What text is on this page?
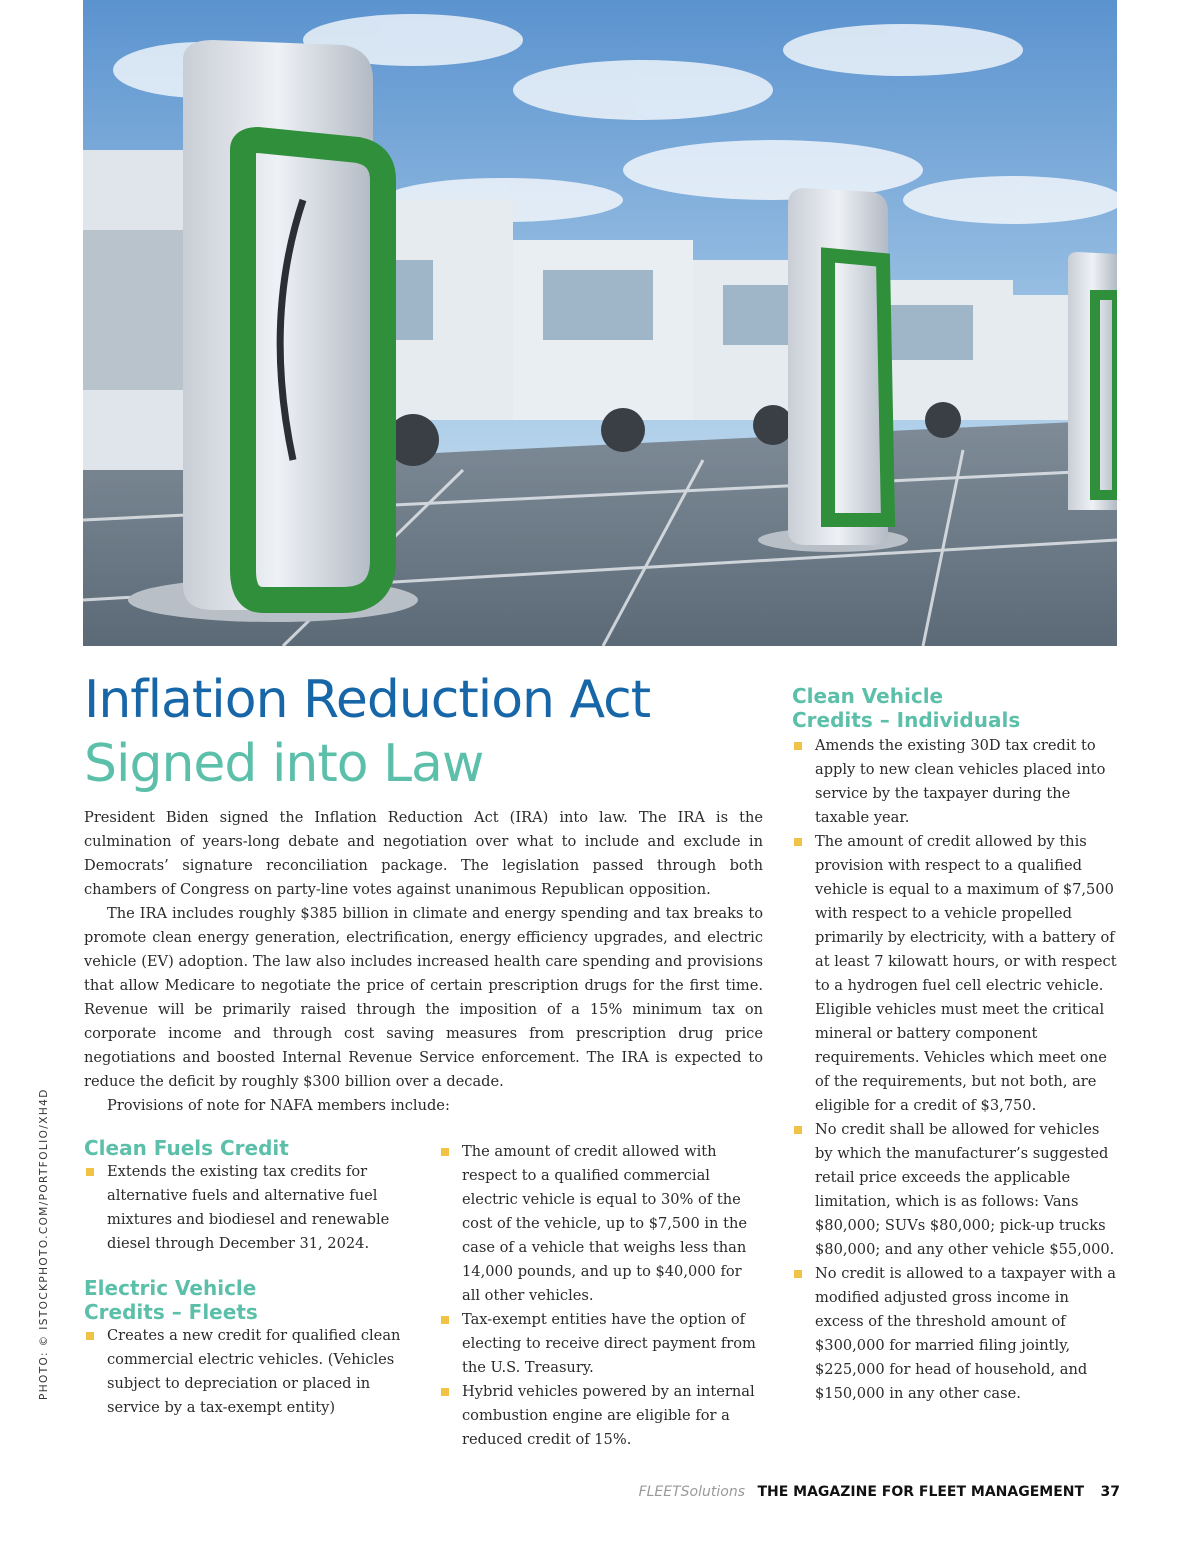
PHOTO: © ISTOCKPHOTO.COM/PORTFOLIO/XH4D
Inflation Reduction Act
Signed into Law

President Biden signed the Inflation Reduction Act (IRA) into law. The IRA is the culmination of years-long debate and negotiation over what to include and exclude in Democrats’ signature reconciliation package. The legislation passed through both chambers of Congress on party-line votes against unanimous Republican opposition.

The IRA includes roughly $385 billion in climate and energy spending and tax breaks to promote clean energy generation, electrification, energy efficiency upgrades, and electric vehicle (EV) adoption. The law also includes increased health care spending and provisions that allow Medicare to negotiate the price of certain prescription drugs for the first time. Revenue will be primarily raised through the imposition of a 15% minimum tax on corporate income and through cost saving measures from prescription drug price negotiations and boosted Internal Revenue Service enforcement. The IRA is expected to reduce the deficit by roughly $300 billion over a decade.

Provisions of note for NAFA members include:

Clean Fuels Credit
Extends the existing tax credits for alternative fuels and alternative fuel mixtures and biodiesel and renewable diesel through December 31, 2024.
Electric Vehicle
Credits – Fleets
Creates a new credit for qualified clean commercial electric vehicles. (Vehicles subject to depreciation or placed in service by a tax-exempt entity)
The amount of credit allowed with respect to a qualified commercial electric vehicle is equal to 30% of the cost of the vehicle, up to $7,500 in the case of a vehicle that weighs less than 14,000 pounds, and up to $40,000 for all other vehicles.
Tax-exempt entities have the option of electing to receive direct payment from the U.S. Treasury.
Hybrid vehicles powered by an internal combustion engine are eligible for a reduced credit of 15%.
Clean Vehicle
Credits – Individuals
Amends the existing 30D tax credit to apply to new clean vehicles placed into service by the taxpayer during the taxable year.
The amount of credit allowed by this provision with respect to a qualified vehicle is equal to a maximum of $7,500 with respect to a vehicle propelled primarily by electricity, with a battery of at least 7 kilowatt hours, or with respect to a hydrogen fuel cell electric vehicle. Eligible vehicles must meet the critical mineral or battery component requirements. Vehicles which meet one of the requirements, but not both, are eligible for a credit of $3,750.
No credit shall be allowed for vehicles by which the manufacturer’s suggested retail price exceeds the applicable limitation, which is as follows: Vans $80,000; SUVs $80,000; pick-up trucks $80,000; and any other vehicle $55,000.
No credit is allowed to a taxpayer with a modified adjusted gross income in excess of the threshold amount of $300,000 for married filing jointly, $225,000 for head of household, and $150,000 in any other case.
FLEETSolutions THE MAGAZINE FOR FLEET MANAGEMENT 37
